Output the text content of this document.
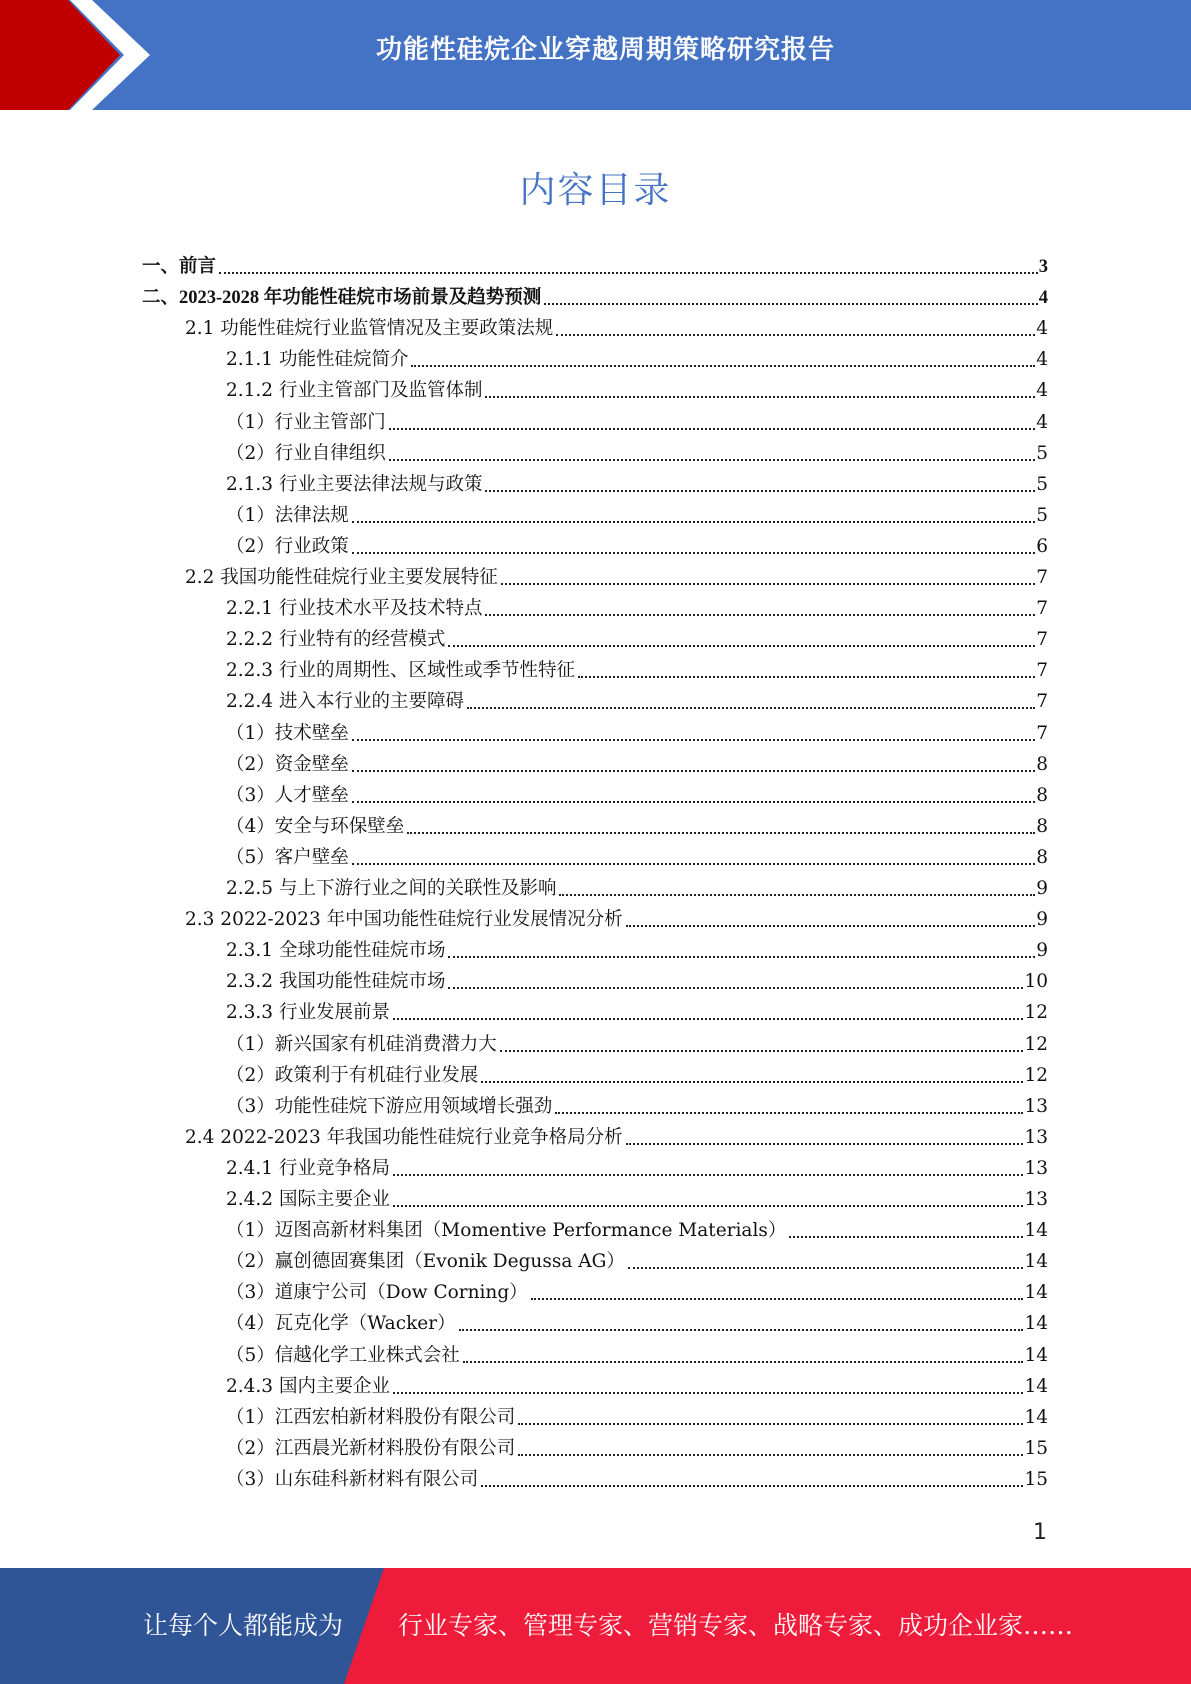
功能性硅烷企业穿越周期策略研究报告
内容目录
一、前言	3
二、2023-2028 年功能性硅烷市场前景及趋势预测	4
2.1 功能性硅烷行业监管情况及主要政策法规	4
2.1.1 功能性硅烷简介	4
2.1.2 行业主管部门及监管体制	4
（1）行业主管部门	4
（2）行业自律组织	5
2.1.3 行业主要法律法规与政策	5
（1）法律法规	5
（2）行业政策	6
2.2 我国功能性硅烷行业主要发展特征	7
2.2.1 行业技术水平及技术特点	7
2.2.2 行业特有的经营模式	7
2.2.3 行业的周期性、区域性或季节性特征	7
2.2.4 进入本行业的主要障碍	7
（1）技术壁垒	7
（2）资金壁垒	8
（3）人才壁垒	8
（4）安全与环保壁垒	8
（5）客户壁垒	8
2.2.5 与上下游行业之间的关联性及影响	9
2.3 2022-2023 年中国功能性硅烷行业发展情况分析	9
2.3.1 全球功能性硅烷市场	9
2.3.2 我国功能性硅烷市场	10
2.3.3 行业发展前景	12
（1）新兴国家有机硅消费潜力大	12
（2）政策利于有机硅行业发展	12
（3）功能性硅烷下游应用领域增长强劲	13
2.4 2022-2023 年我国功能性硅烷行业竞争格局分析	13
2.4.1 行业竞争格局	13
2.4.2 国际主要企业	13
（1）迈图高新材料集团（Momentive Performance Materials）	14
（2）赢创德固赛集团（Evonik Degussa AG）	14
（3）道康宁公司（Dow Corning）	14
（4）瓦克化学（Wacker）	14
（5）信越化学工业株式会社	14
2.4.3 国内主要企业	14
（1）江西宏柏新材料股份有限公司	14
（2）江西晨光新材料股份有限公司	15
（3）山东硅科新材料有限公司	15
1
让每个人都能成为 行业专家、管理专家、营销专家、战略专家、成功企业家……
